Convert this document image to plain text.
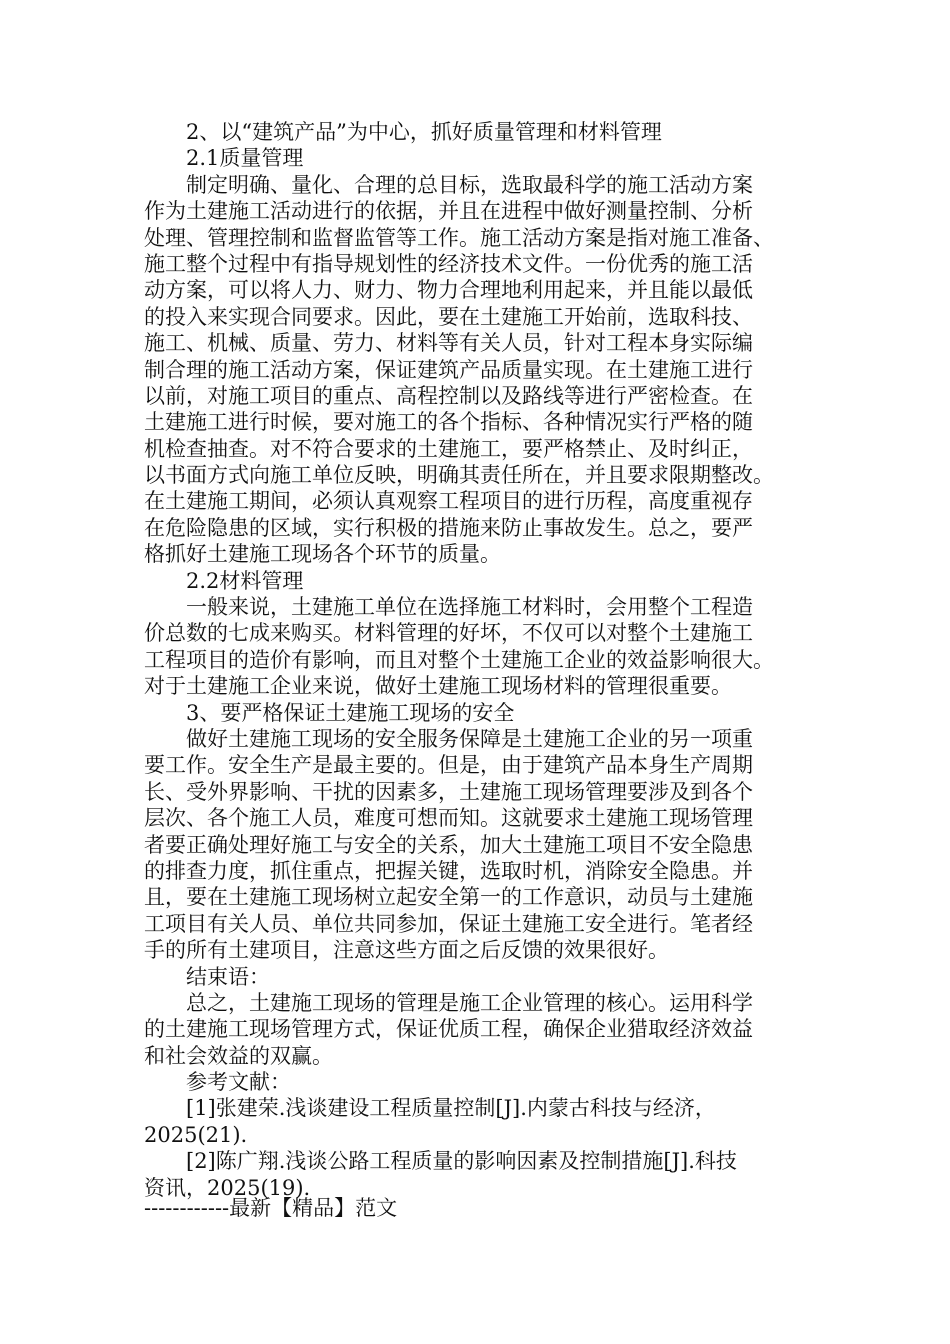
2、以“建筑产品”为中心，抓好质量管理和材料管理
2.1质量管理
制定明确、量化、合理的总目标，选取最科学的施工活动方案
作为土建施工活动进行的依据，并且在进程中做好测量控制、分析
处理、管理控制和监督监管等工作。施工活动方案是指对施工准备、
施工整个过程中有指导规划性的经济技术文件。一份优秀的施工活
动方案，可以将人力、财力、物力合理地利用起来，并且能以最低
的投入来实现合同要求。因此，要在土建施工开始前，选取科技、
施工、机械、质量、劳力、材料等有关人员，针对工程本身实际编
制合理的施工活动方案，保证建筑产品质量实现。在土建施工进行
以前，对施工项目的重点、高程控制以及路线等进行严密检查。在
土建施工进行时候，要对施工的各个指标、各种情况实行严格的随
机检查抽查。对不符合要求的土建施工，要严格禁止、及时纠正，
以书面方式向施工单位反映，明确其责任所在，并且要求限期整改。
在土建施工期间，必须认真观察工程项目的进行历程，高度重视存
在危险隐患的区域，实行积极的措施来防止事故发生。总之，要严
格抓好土建施工现场各个环节的质量。
2.2材料管理
一般来说，土建施工单位在选择施工材料时，会用整个工程造
价总数的七成来购买。材料管理的好坏，不仅可以对整个土建施工
工程项目的造价有影响，而且对整个土建施工企业的效益影响很大。
对于土建施工企业来说，做好土建施工现场材料的管理很重要。
3、要严格保证土建施工现场的安全
做好土建施工现场的安全服务保障是土建施工企业的另一项重
要工作。安全生产是最主要的。但是，由于建筑产品本身生产周期
长、受外界影响、干扰的因素多，土建施工现场管理要涉及到各个
层次、各个施工人员，难度可想而知。这就要求土建施工现场管理
者要正确处理好施工与安全的关系，加大土建施工项目不安全隐患
的排查力度，抓住重点，把握关键，选取时机，消除安全隐患。并
且，要在土建施工现场树立起安全第一的工作意识，动员与土建施
工项目有关人员、单位共同参加，保证土建施工安全进行。笔者经
手的所有土建项目，注意这些方面之后反馈的效果很好。
结束语：
总之，土建施工现场的管理是施工企业管理的核心。运用科学
的土建施工现场管理方式，保证优质工程，确保企业猎取经济效益
和社会效益的双赢。
参考文献：
[1]张建荣.浅谈建设工程质量控制[J].内蒙古科技与经济，
2025(21).
[2]陈广翔.浅谈公路工程质量的影响因素及控制措施[J].科技
资讯，2025(19).
------------最新【精品】范文
